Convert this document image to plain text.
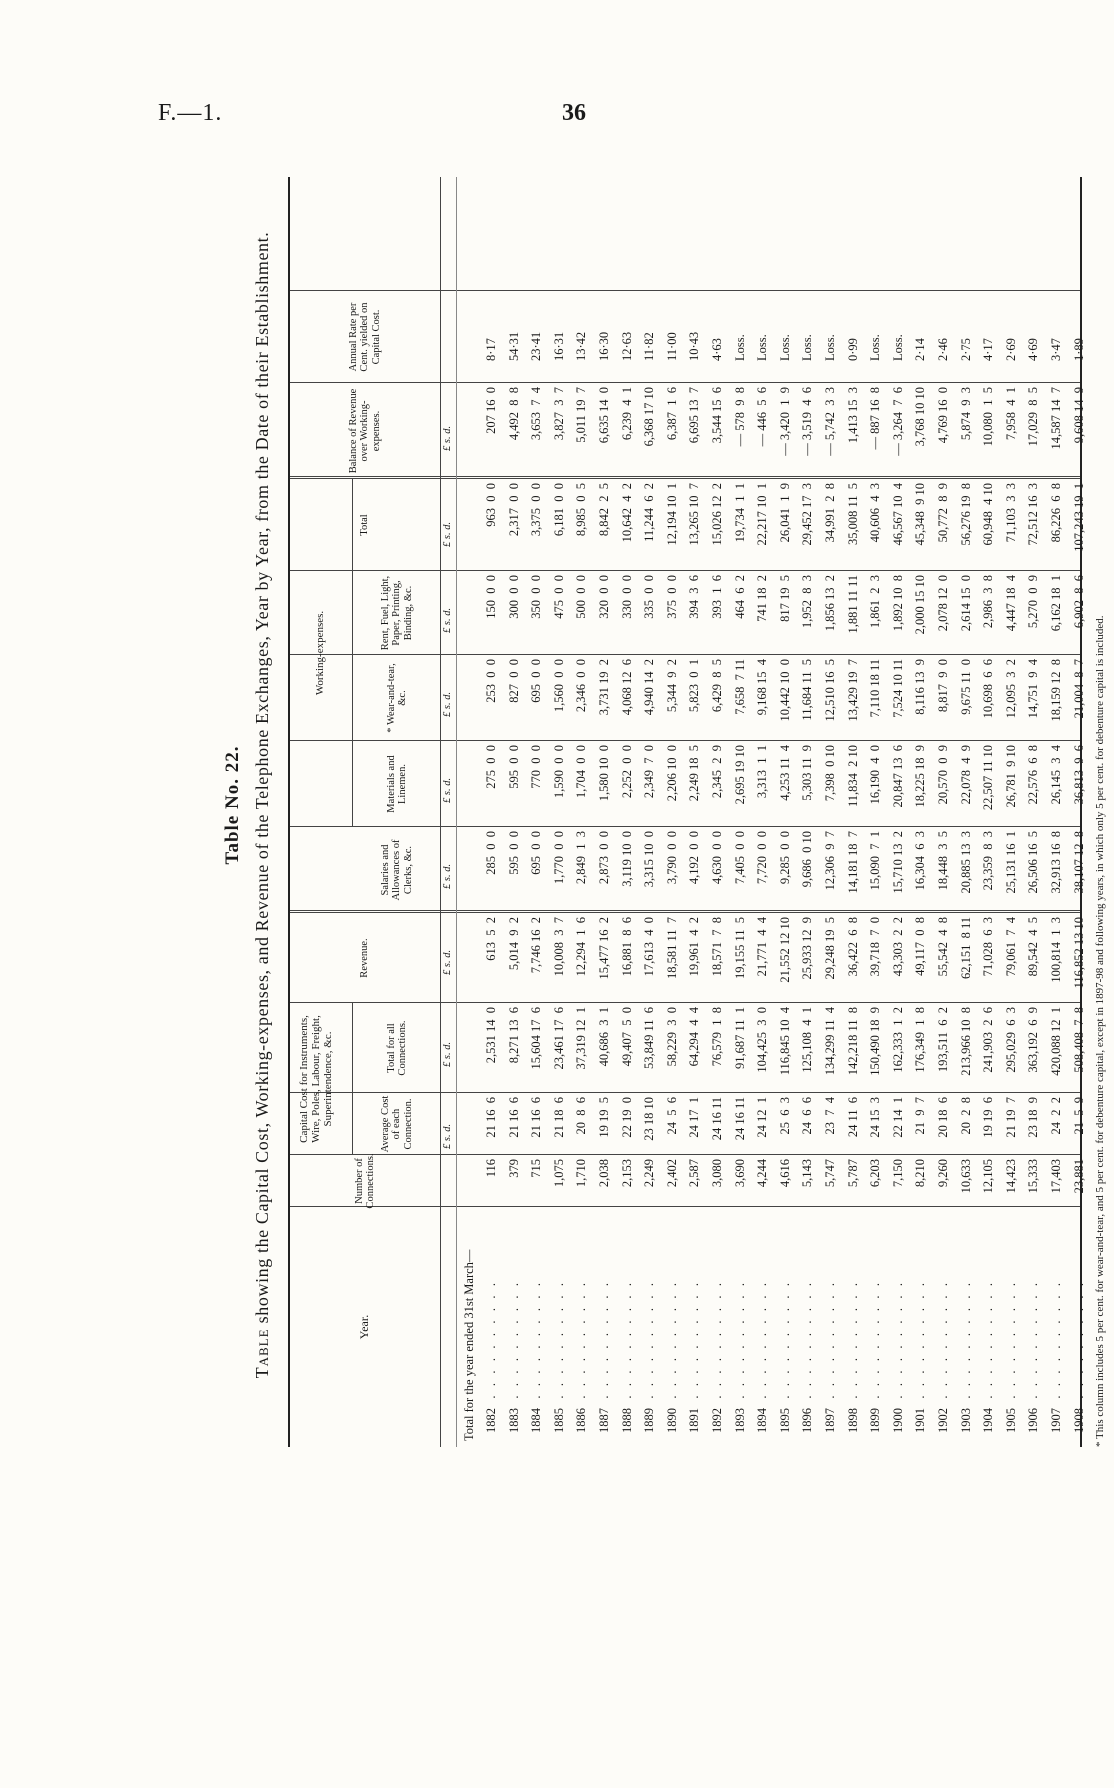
F.—1.	36
Table No. 22.
Table showing the Capital Cost, Working-expenses, and Revenue of the Telephone Exchanges, Year by Year, from the Date of their Establishment.
Year.
Number of Connections.
Capital Cost for Instruments, Wire, Poles, Labour, Freight, Superintendence, &c.	Average Cost of each Connection.
Total for all Connections.
Revenue.
Salaries and Allowances of Clerks, &c.
Working-expenses.
Materials and Linemen.
* Wear-and-tear, &c.
Rent, Fuel, Light, Paper, Printing, Binding, &c.
Total
Balance of Revenue over Working-expenses.
Annual Rate per Cent. yielded on Capital Cost.
£ s. d.
£ s. d.
£ s. d.
£ s. d.
£ s. d.
£ s. d.
£ s. d.
£ s. d.
£ s. d.
Total for the year ended 31st March— 1882   .   .   .   .   .   .   .   .   .   .
116
21 16  6
2,531 14  0
613  5  2
285  0  0
275  0  0
253  0  0
150  0  0
963  0  0
207 16  0
8·17
1883   .   .   .   .   .   .   .   .   .   .
379
21 16  6
8,271 13  6
5,014  9  2
595  0  0
595  0  0
827  0  0
300  0  0
2,317  0  0
4,492  8  8
54·31
1884   .   .   .   .   .   .   .   .   .   .
715
21 16  6
15,604 17  6
7,746 16  2
695  0  0
770  0  0
695  0  0
350  0  0
3,375  0  0
3,653  7  4
23·41
1885   .   .   .   .   .   .   .   .   .   .
1,075
21 18  6
23,461 17  6
10,008  3  7
1,770  0  0
1,590  0  0
1,560  0  0
475  0  0
6,181  0  0
3,827  3  7
16·31
1886   .   .   .   .   .   .   .   .   .   .
1,710
20  8  6
37,319 12  1
12,294  1  6
2,849  1  3
1,704  0  0
2,346  0  0
500  0  0
8,985  0  5
5,011 19  7
13·42
1887   .   .   .   .   .   .   .   .   .   .
2,038
19 19  5
40,686  3  1
15,477 16  2
2,873  0  0
1,580 10  0
3,731 19  2
320  0  0
8,842  2  5
6,635 14  0
16·30
1888   .   .   .   .   .   .   .   .   .   .
2,153
22 19  0
49,407  5  0
16,881  8  6
3,119 10  0
2,252  0  0
4,068 12  6
330  0  0
10,642  4  2
6,239  4  1
12·63
1889   .   .   .   .   .   .   .   .   .   .
2,249
23 18 10
53,849 11  6
17,613  4  0
3,315 10  0
2,349  7  0
4,940 14  2
335  0  0
11,244  6  2
6,368 17 10
11·82
1890   .   .   .   .   .   .   .   .   .   .
2,402
24  5  6
58,229  3  0
18,581 11  7
3,790  0  0
2,206 10  0
5,344  9  2
375  0  0
12,194 10  1
6,387  1  6
11·00
1891   .   .   .   .   .   .   .   .   .   .
2,587
24 17  1
64,294  4  4
19,961  4  2
4,192  0  0
2,249 18  5
5,823  0  1
394  3  6
13,265 10  7
6,695 13  7
10·43
1892   .   .   .   .   .   .   .   .   .   .
3,080
24 16 11
76,579  1  8
18,571  7  8
4,630  0  0
2,345  2  9
6,429  8  5
393  1  6
15,026 12  2
3,544 15  6
4·63
1893   .   .   .   .   .   .   .   .   .   .
3,690
24 16 11
91,687 11  1
19,155 11  5
7,405  0  0
2,695 19 10
7,658  7 11
464  6  2
19,734  1  1
— 578  9  8
Loss.
1894   .   .   .   .   .   .   .   .   .   .
4,244
24 12  1
104,425  3  0
21,771  4  4
7,720  0  0
3,313  1  1
9,168 15  4
741 18  2
22,217 10  1
— 446  5  6
Loss.
1895   .   .   .   .   .   .   .   .   .   .
4,616
25  6  3
116,845 10  4
21,552 12 10
9,285  0  0
4,253 11  4
10,442 10  0
817 19  5
26,041  1  9
— 3,420  1  9
Loss.
1896   .   .   .   .   .   .   .   .   .   .
5,143
24  6  6
125,108  4  1
25,933 12  9
9,686  0 10
5,303 11  9
11,684 11  5
1,952  8  3
29,452 17  3
— 3,519  4  6
Loss.
1897   .   .   .   .   .   .   .   .   .   .
5,747
23  7  4
134,299 11  4
29,248 19  5
12,306  9  7
7,398  0 10
12,510 16  5
1,856 13  2
34,991  2  8
— 5,742  3  3
Loss.
1898   .   .   .   .   .   .   .   .   .   .
5,787
24 11  6
142,218 11  8
36,422  6  8
14,181 18  7
11,834  2 10
13,429 19  7
1,881 11 11
35,008 11  5
1,413 15  3
0·99
1899   .   .   .   .   .   .   .   .   .   .
6,203
24 15  3
150,490 18  9
39,718  7  0
15,090  7  1
16,190  4  0
7,110 18 11
1,861  2  3
40,606  4  3
— 887 16  8
Loss.
1900   .   .   .   .   .   .   .   .   .   .
7,150
22 14  1
162,333  1  2
43,303  2  2
15,710 13  2
20,847 13  6
7,524 10 11
1,892 10  8
46,567 10  4
— 3,264  7  6
Loss.
1901   .   .   .   .   .   .   .   .   .   .
8,210
21  9  7
176,349  1  8
49,117  0  8
16,304  6  3
18,225 18  9
8,116 13  9
2,000 15 10
45,348  9 10
3,768 10 10
2·14
1902   .   .   .   .   .   .   .   .   .   .
9,260
20 18  6
193,511  6  2
55,542  4  8
18,448  3  5
20,570  0  9
8,817  9  0
2,078 12  0
50,772  8  9
4,769 16  0
2·46
1903   .   .   .   .   .   .   .   .   .   .
10,633
20  2  8
213,966 10  8
62,151  8 11
20,885 13  3
22,078  4  9
9,675 11  0
2,614 15  0
56,276 19  8
5,874  9  3
2·75
1904   .   .   .   .   .   .   .   .   .   .
12,105
19 19  6
241,903  2  6
71,028  6  3
23,359  8  3
22,507 11 10
10,698  6  6
2,986  3  8
60,948  4 10
10,080  1  5
4·17
1905   .   .   .   .   .   .   .   .   .   .
14,423
21 19  7
295,029  6  3
79,061  7  4
25,131 16  1
26,781  9 10
12,095  3  2
4,447 18  4
71,103  3  3
7,958  4  1
2·69
1906   .   .   .   .   .   .   .   .   .   .
15,333
23 18  9
363,192  6  9
89,542  4  5
26,506 16  5
22,576  6  8
14,751  9  4
5,270  0  9
72,512 16  3
17,029  8  5
4·69
1907   .   .   .   .   .   .   .   .   .   .
17,403
24  2  2
420,088 12  1
100,814  1  3
32,913 16  8
26,145  3  4
18,159 12  8
6,162 18  1
86,226  6  8
14,587 14  7
3·47
1908   .   .   .   .   .   .   .   .   .   .
23,881
21  5  9
508,408  7  8
116,852 13 10
38,107 12  8
36,813  9  6
21,004  8  7
6,902  8  6
107,243 19  1
9,608 14  9
1·89
* This column includes 5 per cent. for wear-and-tear, and 5 per cent. for debenture capital, except in 1897-98 and following years, in which only 5 per cent. for debenture capital is included.
